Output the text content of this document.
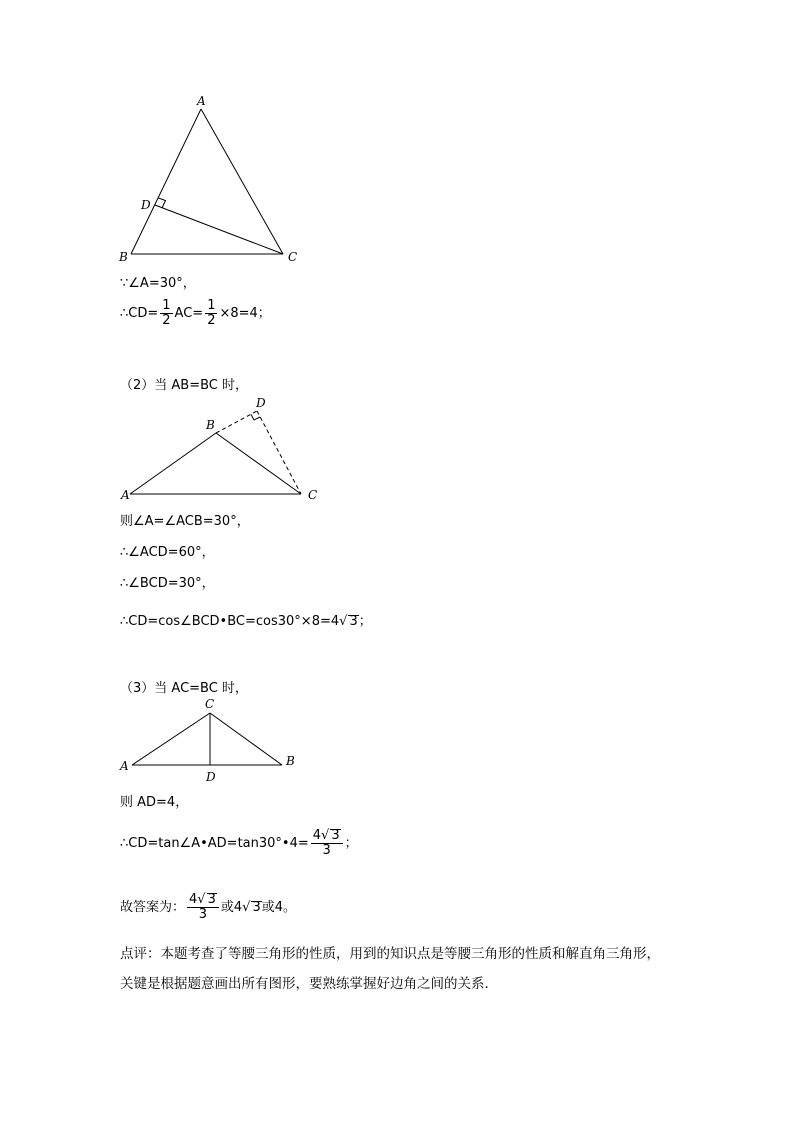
A
D
B	C
∵∠A=30°，
∴CD= $\frac{1}{2} AC= \frac{1}{2} \times 8=4$；
（2）当 AB=BC 时，
D
B
A	C
则∠A=∠ACB=30°，
∴∠ACD=60°，
∴∠BCD=30°，
∴CD=cos∠BCD•BC=cos30°×8=4√ 3；
（3）当 AC=BC 时，
C
A	B
D
则 AD=4，
∴CD=tan∠A•AD=tan30°•4= $\frac{4√ 3}{3}$ ；
故答案为： $\frac{4√ 3}{3}$ 或4√ 3或4。
点评：本题考查了等腰三角形的性质，用到的知识点是等腰三角形的性质和解直角三角形，
关键是根据题意画出所有图形，要熟练掌握好边角之间的关系．
